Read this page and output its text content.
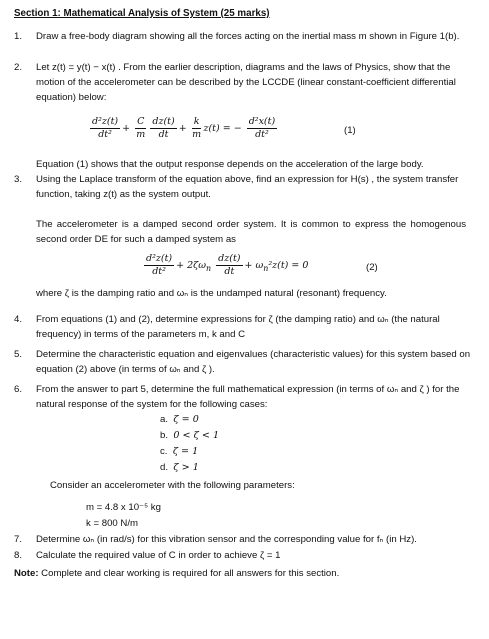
Section 1: Mathematical Analysis of System (25 marks)
1.	Draw a free-body diagram showing all the forces acting on the inertial mass m shown in Figure 1(b).
2.	Let z(t) = y(t) − x(t) . From the earlier description, diagrams and the laws of Physics, show that the motion of the accelerometer can be described by the LCCDE (linear constant-coefficient differential equation) below:
$\frac{\text{d²z(t)}}{\text{dt²}} + \frac{C}{m} \frac{dz(t)}{dt} + \frac{k}{m} z(t)$ = − $\frac{\text{d²x(t)}}{\text{dt²}}$	(1)
Equation (1) shows that the output response depends on the acceleration of the large body.
3.	Using the Laplace transform of the equation above, find an expression for H(s) , the system transfer function, taking z(t) as the system output.
The accelerometer is a damped second order system. It is common to express the homogenous second order DE for such a damped system as
$\frac{\text{d²z(t)}}{\text{dt²}} + 2\zeta\omega_n \frac{dz(t)}{dt} + \omega_n^2z(t) = 0$	(2)
where ζ is the damping ratio and ωₙ is the undamped natural (resonant) frequency.
4.	From equations (1) and (2), determine expressions for ζ (the damping ratio) and ωₙ (the natural frequency) in terms of the parameters m, k and C
5.	Determine the characteristic equation and eigenvalues (characteristic values) for this system based on equation (2) above (in terms of ωₙ and ζ ).
6.	From the answer to part 5, determine the full mathematical expression (in terms of ωₙ and ζ ) for the natural response of the system for the following cases:
a. ζ = 0
b. 0 < ζ < 1
c. ζ = 1
d. ζ > 1
Consider an accelerometer with the following parameters:
m = 4.8 x 10⁻⁵ kg
k = 800 N/m
7.	Determine ωₙ (in rad/s) for this vibration sensor and the corresponding value for fₙ (in Hz).
8.	Calculate the required value of C in order to achieve ζ = 1
Note: Complete and clear working is required for all answers for this section.
